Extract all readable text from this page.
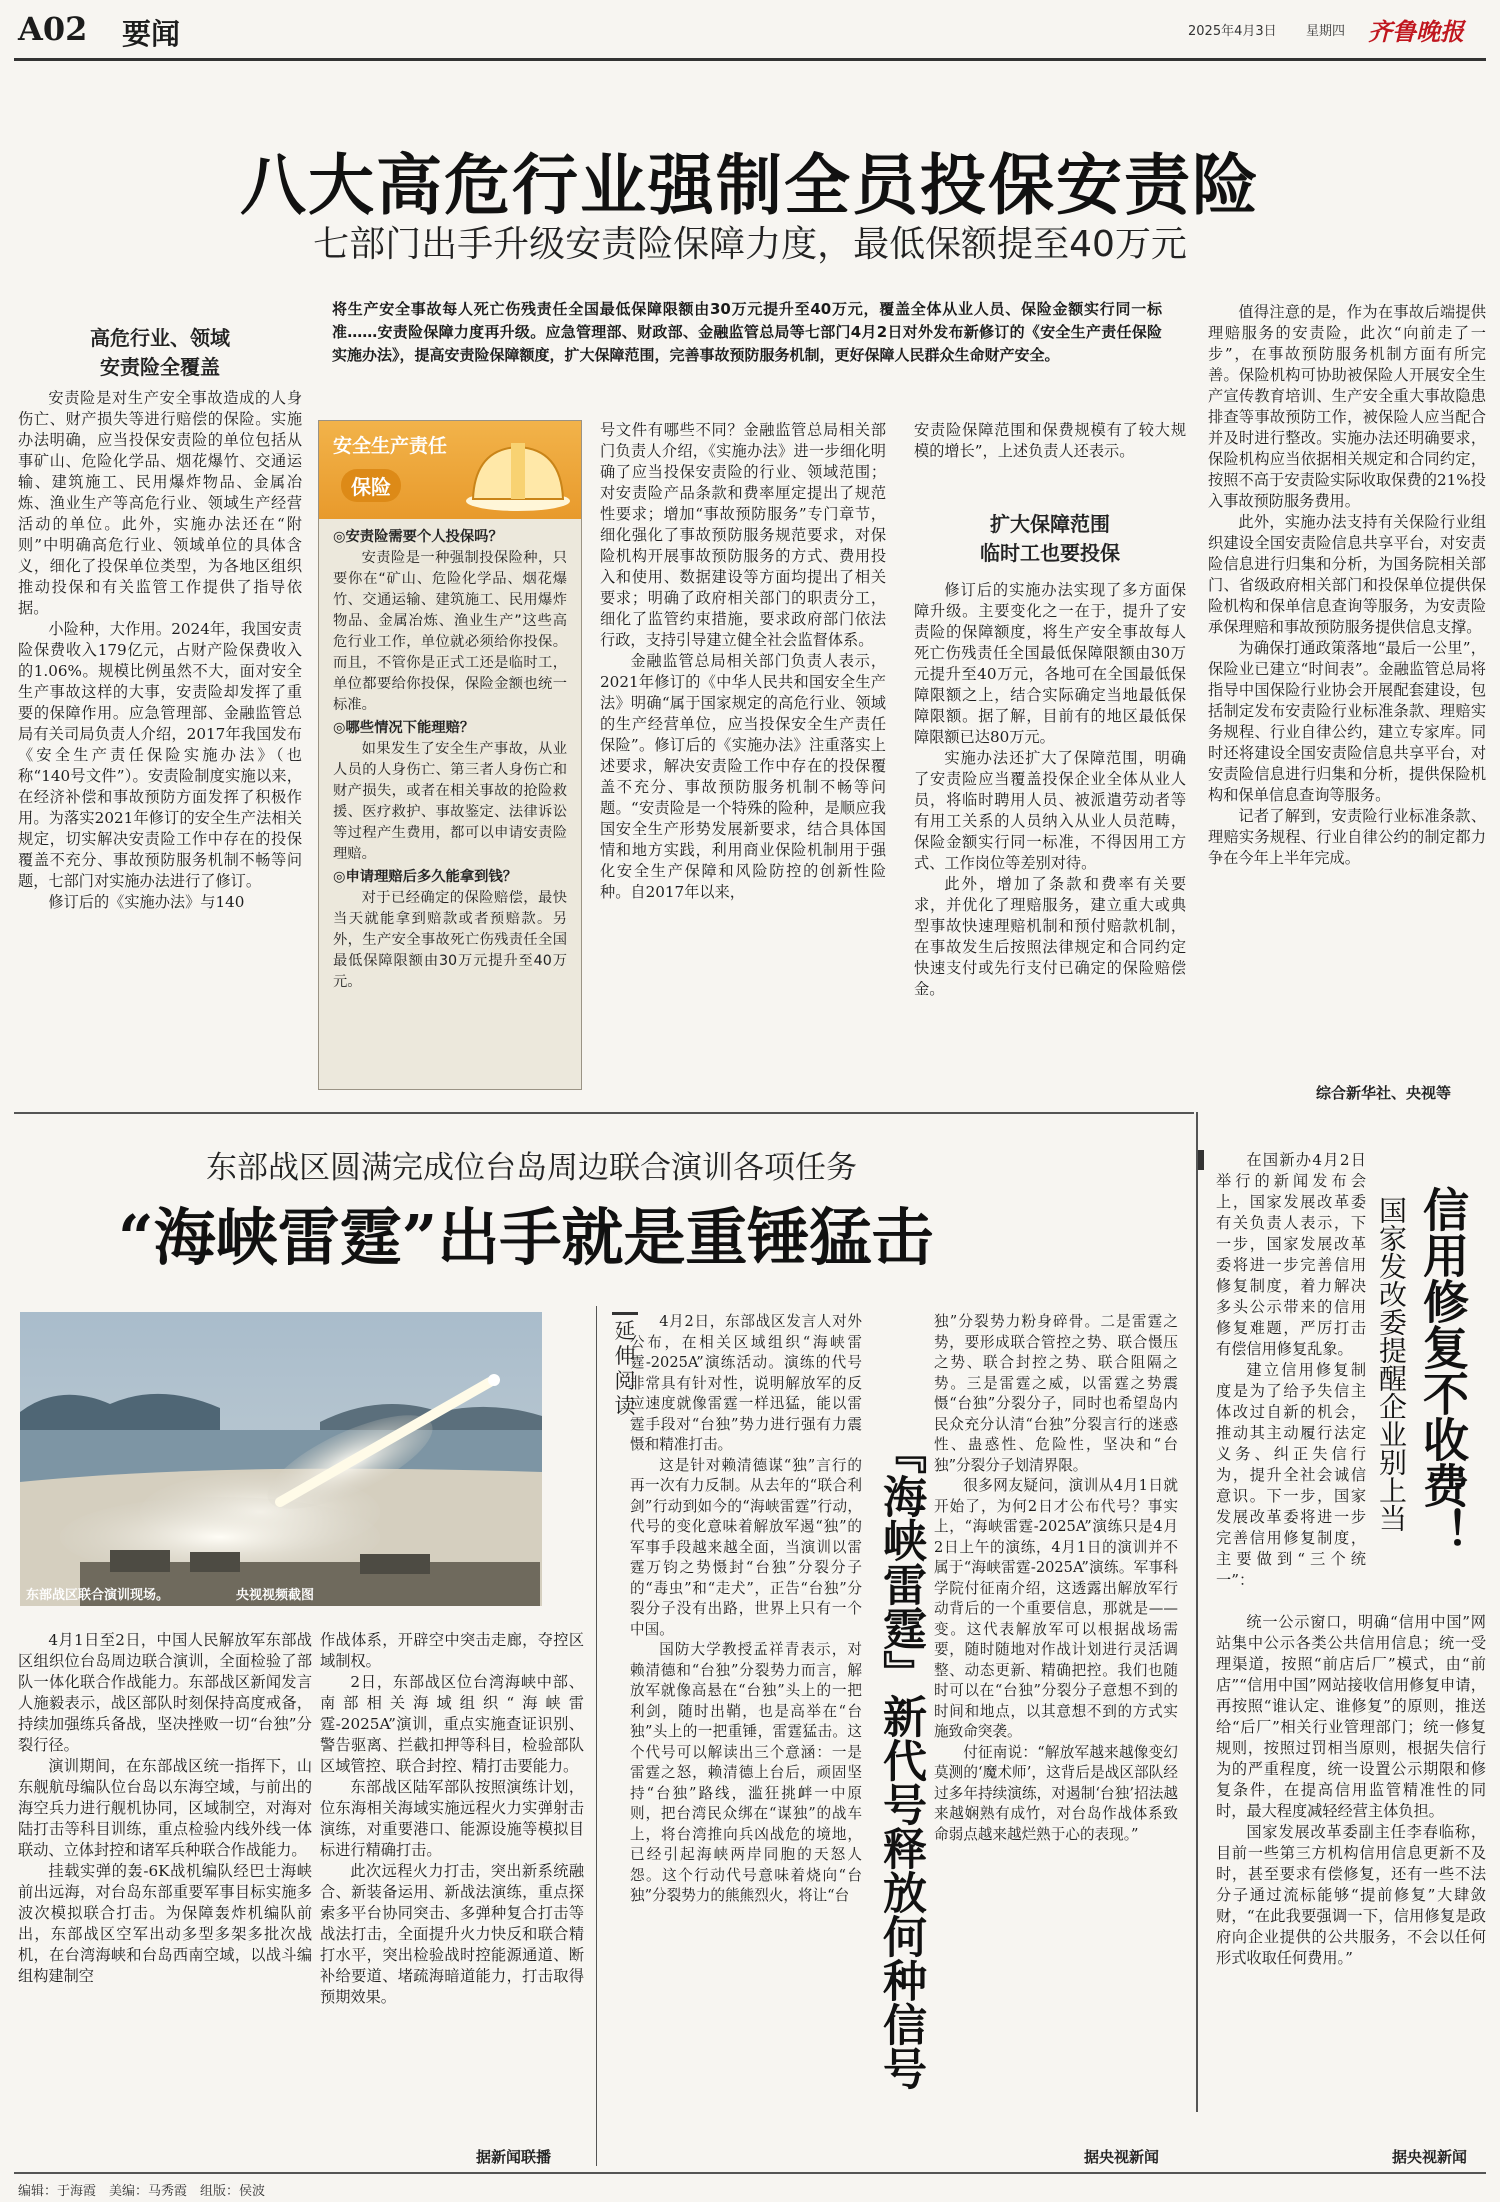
A02 要闻	2025年4月3日 星期四 齐鲁晚报
八大高危行业强制全员投保安责险
七部门出手升级安责险保障力度，最低保额提至40万元
将生产安全事故每人死亡伤残责任全国最低保障限额由30万元提升至40万元，覆盖全体从业人员、保险金额实行同一标准……安责险保障力度再升级。应急管理部、财政部、金融监管总局等七部门4月2日对外发布新修订的《安全生产责任保险实施办法》，提高安责险保障额度，扩大保障范围，完善事故预防服务机制，更好保障人民群众生命财产安全。
高危行业、领域
安责险全覆盖

安责险是对生产安全事故造成的人身伤亡、财产损失等进行赔偿的保险。实施办法明确，应当投保安责险的单位包括从事矿山、危险化学品、烟花爆竹、交通运输、建筑施工、民用爆炸物品、金属冶炼、渔业生产等高危行业、领域生产经营活动的单位。此外，实施办法还在“附则”中明确高危行业、领域单位的具体含义，细化了投保单位类型，为各地区组织推动投保和有关监管工作提供了指导依据。

小险种，大作用。2024年，我国安责险保费收入179亿元，占财产险保费收入的1.06%。规模比例虽然不大，面对安全生产事故这样的大事，安责险却发挥了重要的保障作用。应急管理部、金融监管总局有关司局负责人介绍，2017年我国发布《安全生产责任保险实施办法》（也称“140号文件”）。安责险制度实施以来，在经济补偿和事故预防方面发挥了积极作用。为落实2021年修订的安全生产法相关规定，切实解决安责险工作中存在的投保覆盖不充分、事故预防服务机制不畅等问题，七部门对实施办法进行了修订。

修订后的《实施办法》与140

安全生产责任
保险

◎安责险需要个人投保吗？

安责险是一种强制投保险种，只要你在“矿山、危险化学品、烟花爆竹、交通运输、建筑施工、民用爆炸物品、金属冶炼、渔业生产”这些高危行业工作，单位就必须给你投保。而且，不管你是正式工还是临时工，单位都要给你投保，保险金额也统一标准。

◎哪些情况下能理赔？

如果发生了安全生产事故，从业人员的人身伤亡、第三者人身伤亡和财产损失，或者在相关事故的抢险救援、医疗救护、事故鉴定、法律诉讼等过程产生费用，都可以申请安责险理赔。

◎申请理赔后多久能拿到钱？

对于已经确定的保险赔偿，最快当天就能拿到赔款或者预赔款。另外，生产安全事故死亡伤残责任全国最低保障限额由30万元提升至40万元。

号文件有哪些不同？金融监管总局相关部门负责人介绍，《实施办法》进一步细化明确了应当投保安责险的行业、领域范围；对安责险产品条款和费率厘定提出了规范性要求；增加“事故预防服务”专门章节，细化强化了事故预防服务规范要求，对保险机构开展事故预防服务的方式、费用投入和使用、数据建设等方面均提出了相关要求；明确了政府相关部门的职责分工，细化了监管约束措施，要求政府部门依法行政，支持引导建立健全社会监督体系。

金融监管总局相关部门负责人表示，2021年修订的《中华人民共和国安全生产法》明确“属于国家规定的高危行业、领域的生产经营单位，应当投保安全生产责任保险”。修订后的《实施办法》注重落实上述要求，解决安责险工作中存在的投保覆盖不充分、事故预防服务机制不畅等问题。“安责险是一个特殊的险种，是顺应我国安全生产形势发展新要求，结合具体国情和地方实践，利用商业保险机制用于强化安全生产保障和风险防控的创新性险种。自2017年以来，

安责险保障范围和保费规模有了较大规模的增长”，上述负责人还表示。

扩大保障范围
临时工也要投保

修订后的实施办法实现了多方面保障升级。主要变化之一在于，提升了安责险的保障额度，将生产安全事故每人死亡伤残责任全国最低保障限额由30万元提升至40万元，各地可在全国最低保障限额之上，结合实际确定当地最低保障限额。据了解，目前有的地区最低保障限额已达80万元。

实施办法还扩大了保障范围，明确了安责险应当覆盖投保企业全体从业人员，将临时聘用人员、被派遣劳动者等有用工关系的人员纳入从业人员范畴，保险金额实行同一标准，不得因用工方式、工作岗位等差别对待。

此外，增加了条款和费率有关要求，并优化了理赔服务，建立重大或典型事故快速理赔机制和预付赔款机制，在事故发生后按照法律规定和合同约定快速支付或先行支付已确定的保险赔偿金。

值得注意的是，作为在事故后端提供理赔服务的安责险，此次“向前走了一步”，在事故预防服务机制方面有所完善。保险机构可协助被保险人开展安全生产宣传教育培训、生产安全重大事故隐患排查等事故预防工作，被保险人应当配合并及时进行整改。实施办法还明确要求，保险机构应当依据相关规定和合同约定，按照不高于安责险实际收取保费的21%投入事故预防服务费用。

此外，实施办法支持有关保险行业组织建设全国安责险信息共享平台，对安责险信息进行归集和分析，为国务院相关部门、省级政府相关部门和投保单位提供保险机构和保单信息查询等服务，为安责险承保理赔和事故预防服务提供信息支撑。

为确保打通政策落地“最后一公里”，保险业已建立“时间表”。金融监管总局将指导中国保险行业协会开展配套建设，包括制定发布安责险行业标准条款、理赔实务规程、行业自律公约，建立专家库。同时还将建设全国安责险信息共享平台，对安责险信息进行归集和分析，提供保险机构和保单信息查询等服务。

记者了解到，安责险行业标准条款、理赔实务规程、行业自律公约的制定都力争在今年上半年完成。

综合新华社、央视等
东部战区圆满完成位台岛周边联合演训各项任务
“海峡雷霆”出手就是重锤猛击
东部战区联合演训现场。	央视视频截图

4月1日至2日，中国人民解放军东部战区组织位台岛周边联合演训，全面检验了部队一体化联合作战能力。东部战区新闻发言人施毅表示，战区部队时刻保持高度戒备，持续加强练兵备战，坚决挫败一切“台独”分裂行径。

演训期间，在东部战区统一指挥下，山东舰航母编队位台岛以东海空域，与前出的海空兵力进行舰机协同，区域制空，对海对陆打击等科目训练，重点检验内线外线一体联动、立体封控和诸军兵种联合作战能力。

挂载实弹的轰-6K战机编队经巴士海峡前出远海，对台岛东部重要军事目标实施多波次模拟联合打击。为保障轰炸机编队前出，东部战区空军出动多型多架多批次战机，在台湾海峡和台岛西南空域，以战斗编组构建制空

作战体系，开辟空中突击走廊，夺控区域制权。

2日，东部战区位台湾海峡中部、南部相关海域组织“海峡雷霆-2025A”演训，重点实施查证识别、警告驱离、拦截扣押等科目，检验部队区域管控、联合封控、精打击要能力。

东部战区陆军部队按照演练计划，位东海相关海域实施远程火力实弹射击演练，对重要港口、能源设施等模拟目标进行精确打击。

此次远程火力打击，突出新系统融合、新装备运用、新战法演练，重点探索多平台协同突击、多弹种复合打击等战法打击，全面提升火力快反和联合精打水平，突出检验战时控能源通道、断补给要道、堵疏海暗道能力，打击取得预期效果。

据新闻联播
延伸阅读
『海峡雷霆』新代号释放何种信号

4月2日，东部战区发言人对外公布，在相关区域组织“海峡雷霆-2025A”演练活动。演练的代号非常具有针对性，说明解放军的反应速度就像雷霆一样迅猛，能以雷霆手段对“台独”势力进行强有力震慑和精准打击。

这是针对赖清德谋“独”言行的再一次有力反制。从去年的“联合利剑”行动到如今的“海峡雷霆”行动，代号的变化意味着解放军遏“独”的军事手段越来越全面，当演训以雷霆万钧之势慑封“台独”分裂分子的“毒虫”和“走犬”，正告“台独”分裂分子没有出路，世界上只有一个中国。

国防大学教授孟祥青表示，对赖清德和“台独”分裂势力而言，解放军就像高悬在“台独”头上的一把利剑，随时出鞘，也是高举在“台独”头上的一把重锤，雷霆猛击。这个代号可以解读出三个意涵：一是雷霆之怒，赖清德上台后，顽固坚持“台独”路线，滥狂挑衅一中原则，把台湾民众绑在“谋独”的战车上，将台湾推向兵凶战危的境地，已经引起海峡两岸同胞的天怒人怨。这个行动代号意味着烧向“台独”分裂势力的熊熊烈火，将让“台

独”分裂势力粉身碎骨。二是雷霆之势，要形成联合管控之势、联合慑压之势、联合封控之势、联合阻隔之势。三是雷霆之威，以雷霆之势震慑“台独”分裂分子，同时也希望岛内民众充分认清“台独”分裂言行的迷惑性、蛊惑性、危险性，坚决和“台独”分裂分子划清界限。

很多网友疑问，演训从4月1日就开始了，为何2日才公布代号？事实上，“海峡雷霆-2025A”演练只是4月2日上午的演练，4月1日的演训并不属于“海峡雷霆-2025A”演练。军事科学院付征南介绍，这透露出解放军行动背后的一个重要信息，那就是——变。这代表解放军可以根据战场需要，随时随地对作战计划进行灵活调整、动态更新、精确把控。我们也随时可以在“台独”分裂分子意想不到的时间和地点，以其意想不到的方式实施致命突袭。

付征南说：“解放军越来越像变幻莫测的‘魔术师’，这背后是战区部队经过多年持续演练，对遏制‘台独’招法越来越娴熟有成竹，对台岛作战体系致命弱点越来越烂熟于心的表现。”

据央视新闻
信用修复不收费！
国家发改委提醒企业别上当

在国新办4月2日举行的新闻发布会上，国家发展改革委有关负责人表示，下一步，国家发展改革委将进一步完善信用修复制度，着力解决多头公示带来的信用修复难题，严厉打击有偿信用修复乱象。

建立信用修复制度是为了给予失信主体改过自新的机会，推动其主动履行法定义务、纠正失信行为，提升全社会诚信意识。下一步，国家发展改革委将进一步完善信用修复制度，主要做到“三个统一”：

统一公示窗口，明确“信用中国”网站集中公示各类公共信用信息；统一受理渠道，按照“前店后厂”模式，由“前店”“信用中国”网站接收信用修复申请，再按照“谁认定、谁修复”的原则，推送给“后厂”相关行业管理部门；统一修复规则，按照过罚相当原则，根据失信行为的严重程度，统一设置公示期限和修复条件，在提高信用监管精准性的同时，最大程度减轻经营主体负担。

国家发展改革委副主任李春临称，目前一些第三方机构信用信息更新不及时，甚至要求有偿修复，还有一些不法分子通过流标能够“提前修复”大肆敛财，“在此我要强调一下，信用修复是政府向企业提供的公共服务，不会以任何形式收取任何费用。”

据央视新闻
编辑：于海霞　美编：马秀霞　组版：侯波
